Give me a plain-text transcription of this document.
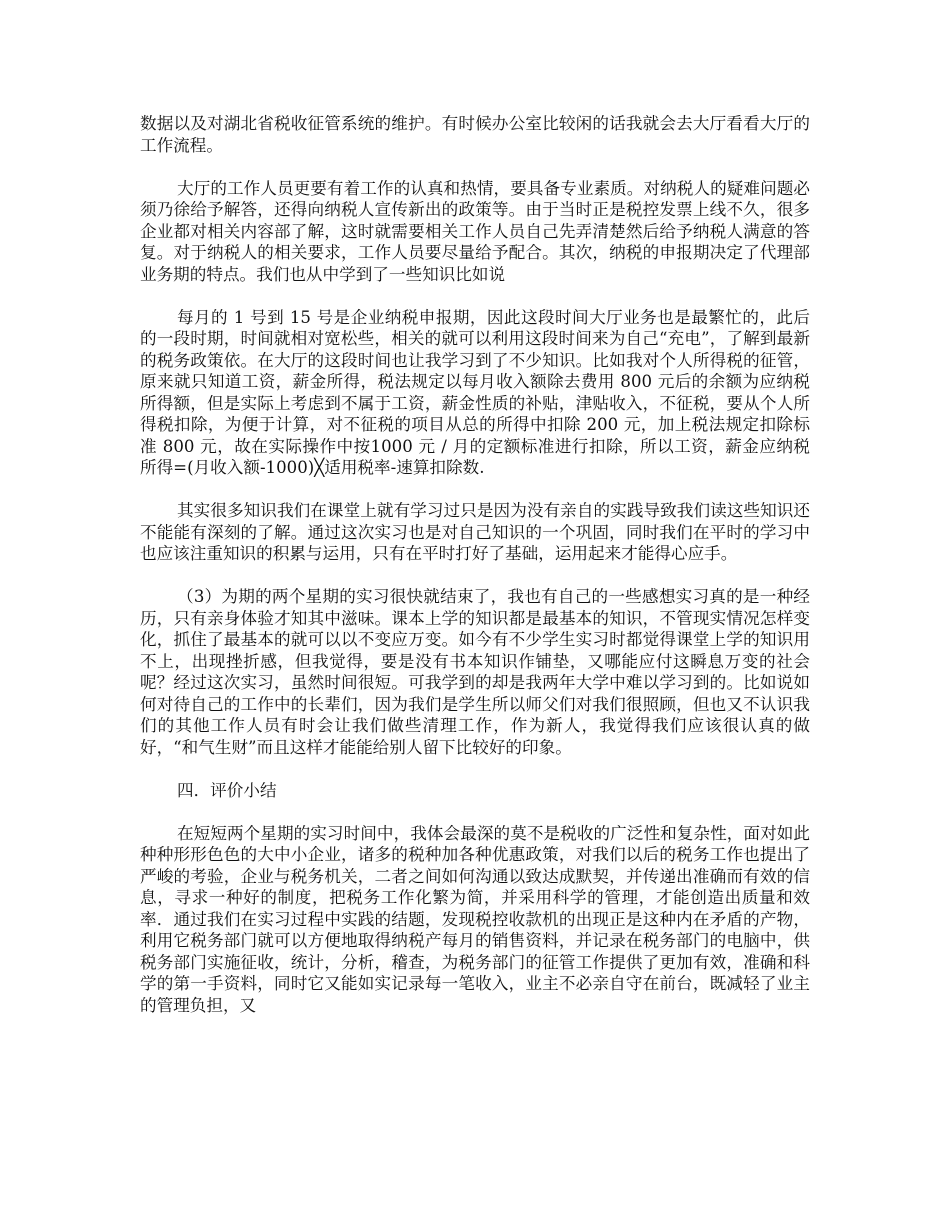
数据以及对湖北省税收征管系统的维护。有时候办公室比较闲的话我就会去大厅看看大厅的工作流程。

大厅的工作人员更要有着工作的认真和热情，要具备专业素质。对纳税人的疑难问题必须乃徐给予解答，还得向纳税人宣传新出的政策等。由于当时正是税控发票上线不久，很多企业都对相关内容部了解，这时就需要相关工作人员自己先弄清楚然后给予纳税人满意的答复。对于纳税人的相关要求，工作人员要尽量给予配合。其次，纳税的申报期决定了代理部业务期的特点。我们也从中学到了一些知识比如说

每月的 1 号到 15 号是企业纳税申报期，因此这段时间大厅业务也是最繁忙的，此后的一段时期，时间就相对宽松些，相关的就可以利用这段时间来为自己“充电”，了解到最新的税务政策依。在大厅的这段时间也让我学习到了不少知识。比如我对个人所得税的征管，原来就只知道工资，薪金所得，税法规定以每月收入额除去费用 800 元后的余额为应纳税所得额，但是实际上考虑到不属于工资，薪金性质的补贴，津贴收入，不征税，要从个人所得税扣除，为便于计算，对不征税的项目从总的所得中扣除 200 元，加上税法规定扣除标准 800 元，故在实际操作中按1000 元 / 月的定额标准进行扣除，所以工资，薪金应纳税所得=(月收入额-1000)╳适用税率-速算扣除数.

其实很多知识我们在课堂上就有学习过只是因为没有亲自的实践导致我们读这些知识还不能能有深刻的了解。通过这次实习也是对自己知识的一个巩固，同时我们在平时的学习中也应该注重知识的积累与运用，只有在平时打好了基础，运用起来才能得心应手。

（3）为期的两个星期的实习很快就结束了，我也有自己的一些感想实习真的是一种经历，只有亲身体验才知其中滋味。课本上学的知识都是最基本的知识，不管现实情况怎样变化，抓住了最基本的就可以以不变应万变。如今有不少学生实习时都觉得课堂上学的知识用不上，出现挫折感，但我觉得，要是没有书本知识作铺垫，又哪能应付这瞬息万变的社会呢？经过这次实习，虽然时间很短。可我学到的却是我两年大学中难以学习到的。比如说如何对待自己的工作中的长辈们，因为我们是学生所以师父们对我们很照顾，但也又不认识我们的其他工作人员有时会让我们做些清理工作，作为新人，我觉得我们应该很认真的做好，“和气生财”而且这样才能能给别人留下比较好的印象。

四．评价小结

在短短两个星期的实习时间中，我体会最深的莫不是税收的广泛性和复杂性，面对如此种种形形色色的大中小企业，诸多的税种加各种优惠政策，对我们以后的税务工作也提出了严峻的考验，企业与税务机关，二者之间如何沟通以致达成默契，并传递出准确而有效的信息，寻求一种好的制度，把税务工作化繁为简，并采用科学的管理，才能创造出质量和效率．通过我们在实习过程中实践的结题，发现税控收款机的出现正是这种内在矛盾的产物，利用它税务部门就可以方便地取得纳税产每月的销售资料，并记录在税务部门的电脑中，供税务部门实施征收，统计，分析，稽查，为税务部门的征管工作提供了更加有效，准确和科学的第一手资料，同时它又能如实记录每一笔收入，业主不必亲自守在前台，既减轻了业主的管理负担，又
